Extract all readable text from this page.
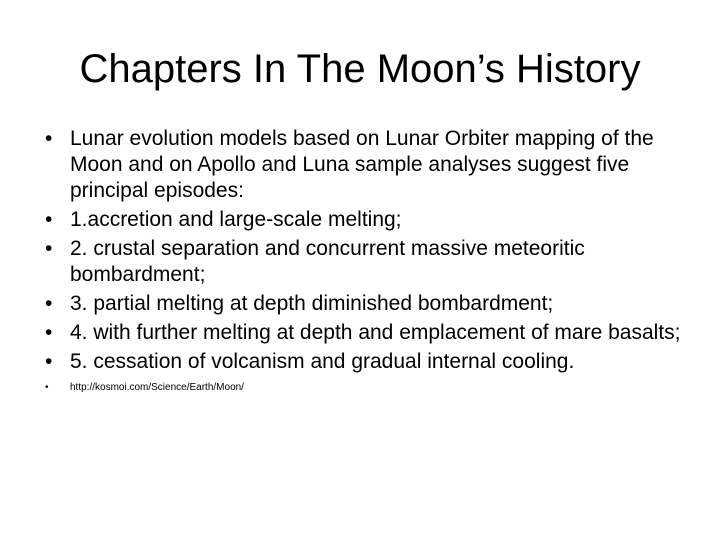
Chapters In The Moon’s History
• Lunar evolution models based on Lunar Orbiter mapping of the Moon and on Apollo and Luna sample analyses suggest five principal episodes:
• 1.accretion and large-scale melting;
• 2. crustal separation and concurrent massive meteoritic bombardment;
• 3. partial melting at depth diminished bombardment;
• 4. with further melting at depth and emplacement of mare basalts;
• 5. cessation of volcanism and gradual internal cooling.
• http://kosmoi.com/Science/Earth/Moon/
